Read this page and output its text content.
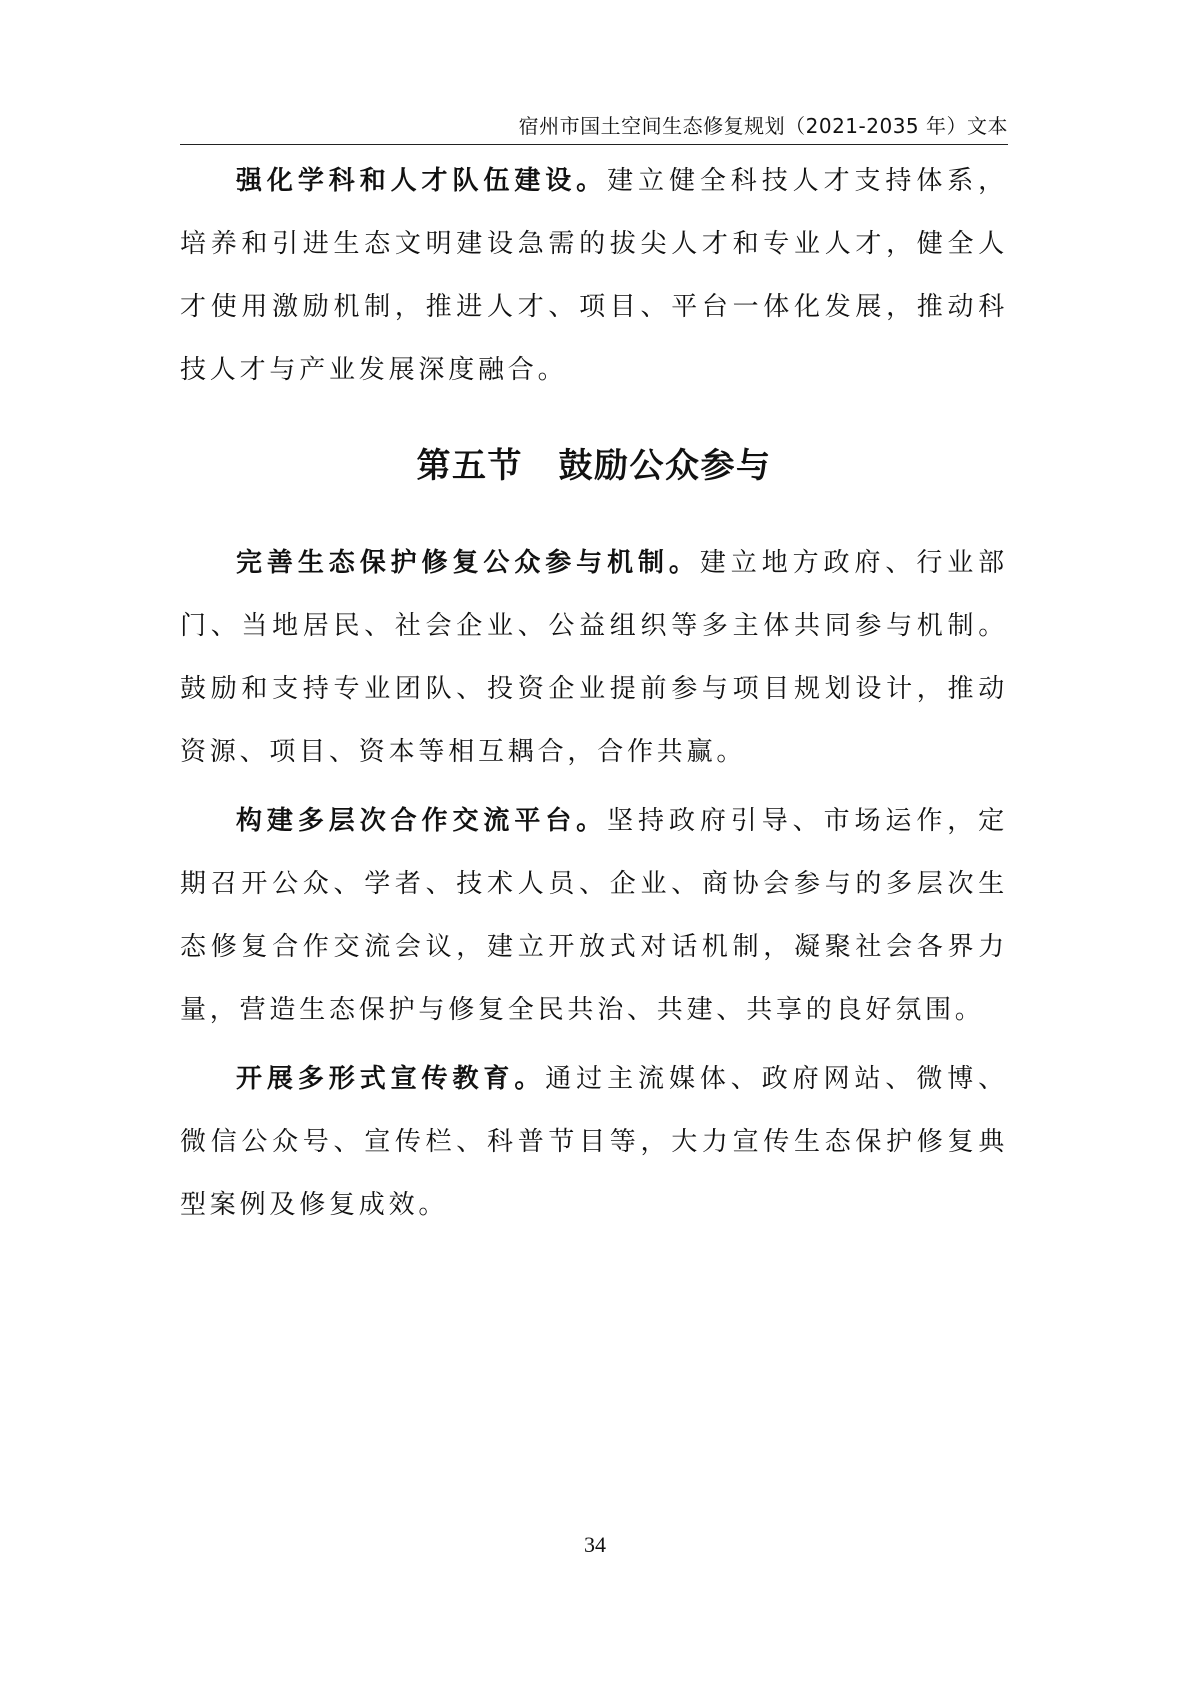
宿州市国土空间生态修复规划（2021-2035 年）文本

强化学科和人才队伍建设。建立健全科技人才支持体系，培养和引进生态文明建设急需的拔尖人才和专业人才，健全人才使用激励机制，推进人才、项目、平台一体化发展，推动科技人才与产业发展深度融合。

第五节　鼓励公众参与

完善生态保护修复公众参与机制。建立地方政府、行业部门、当地居民、社会企业、公益组织等多主体共同参与机制。鼓励和支持专业团队、投资企业提前参与项目规划设计，推动资源、项目、资本等相互耦合，合作共赢。

构建多层次合作交流平台。坚持政府引导、市场运作，定期召开公众、学者、技术人员、企业、商协会参与的多层次生态修复合作交流会议，建立开放式对话机制，凝聚社会各界力量，营造生态保护与修复全民共治、共建、共享的良好氛围。

开展多形式宣传教育。通过主流媒体、政府网站、微博、微信公众号、宣传栏、科普节目等，大力宣传生态保护修复典型案例及修复成效。

34
